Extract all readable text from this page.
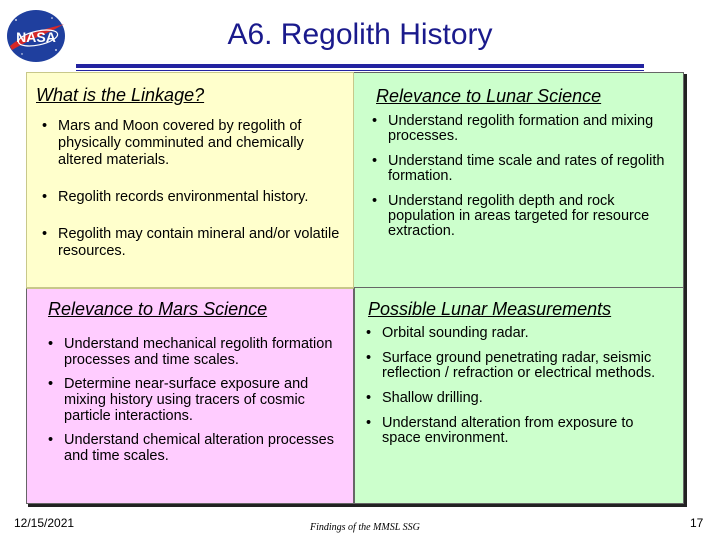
NASA	A6. Regolith History
What is the Linkage?
• Mars and Moon covered by regolith of physically comminuted and chemically altered materials.
• Regolith records environmental history.
• Regolith may contain mineral and/or volatile resources.
Relevance to Lunar Science
• Understand regolith formation and mixing processes.
• Understand time scale and rates of regolith formation.
• Understand regolith depth and rock population in areas targeted for resource extraction.
Relevance to Mars Science
• Understand mechanical regolith formation processes and time scales.
• Determine near-surface exposure and mixing history using tracers of cosmic particle interactions.
• Understand chemical alteration processes and time scales.
Possible Lunar Measurements
• Orbital sounding radar.
• Surface ground penetrating radar, seismic reflection / refraction or electrical methods.
• Shallow drilling.
• Understand alteration from exposure to space environment.
12/15/2021	Findings of the MMSL SSG	17
